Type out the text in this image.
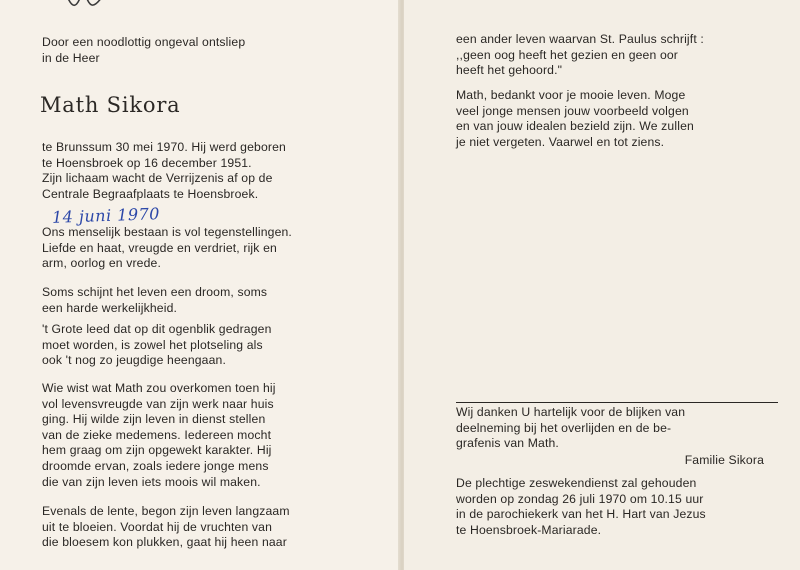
Door een noodlottig ongeval ontsliep
in de Heer
Math Sikora
te Brunssum 30 mei 1970. Hij werd geboren
te Hoensbroek op 16 december 1951.
Zijn lichaam wacht de Verrijzenis af op de
Centrale Begraafplaats te Hoensbroek.
14 juni 1970
Ons menselijk bestaan is vol tegenstellingen.
Liefde en haat, vreugde en verdriet, rijk en
arm, oorlog en vrede.
Soms schijnt het leven een droom, soms
een harde werkelijkheid.
't Grote leed dat op dit ogenblik gedragen
moet worden, is zowel het plotseling als
ook 't nog zo jeugdige heengaan.
Wie wist wat Math zou overkomen toen hij
vol levensvreugde van zijn werk naar huis
ging. Hij wilde zijn leven in dienst stellen
van de zieke medemens. Iedereen mocht
hem graag om zijn opgewekt karakter. Hij
droomde ervan, zoals iedere jonge mens
die van zijn leven iets moois wil maken.
Evenals de lente, begon zijn leven langzaam
uit te bloeien. Voordat hij de vruchten van
die bloesem kon plukken, gaat hij heen naar
een ander leven waarvan St. Paulus schrijft :
,,geen oog heeft het gezien en geen oor
heeft het gehoord."
Math, bedankt voor je mooie leven. Moge
veel jonge mensen jouw voorbeeld volgen
en van jouw idealen bezield zijn. We zullen
je niet vergeten. Vaarwel en tot ziens.
Wij danken U hartelijk voor de blijken van
deelneming bij het overlijden en de be-
grafenis van Math.
Familie Sikora
De plechtige zeswekendienst zal gehouden
worden op zondag 26 juli 1970 om 10.15 uur
in de parochiekerk van het H. Hart van Jezus
te Hoensbroek-Mariarade.
